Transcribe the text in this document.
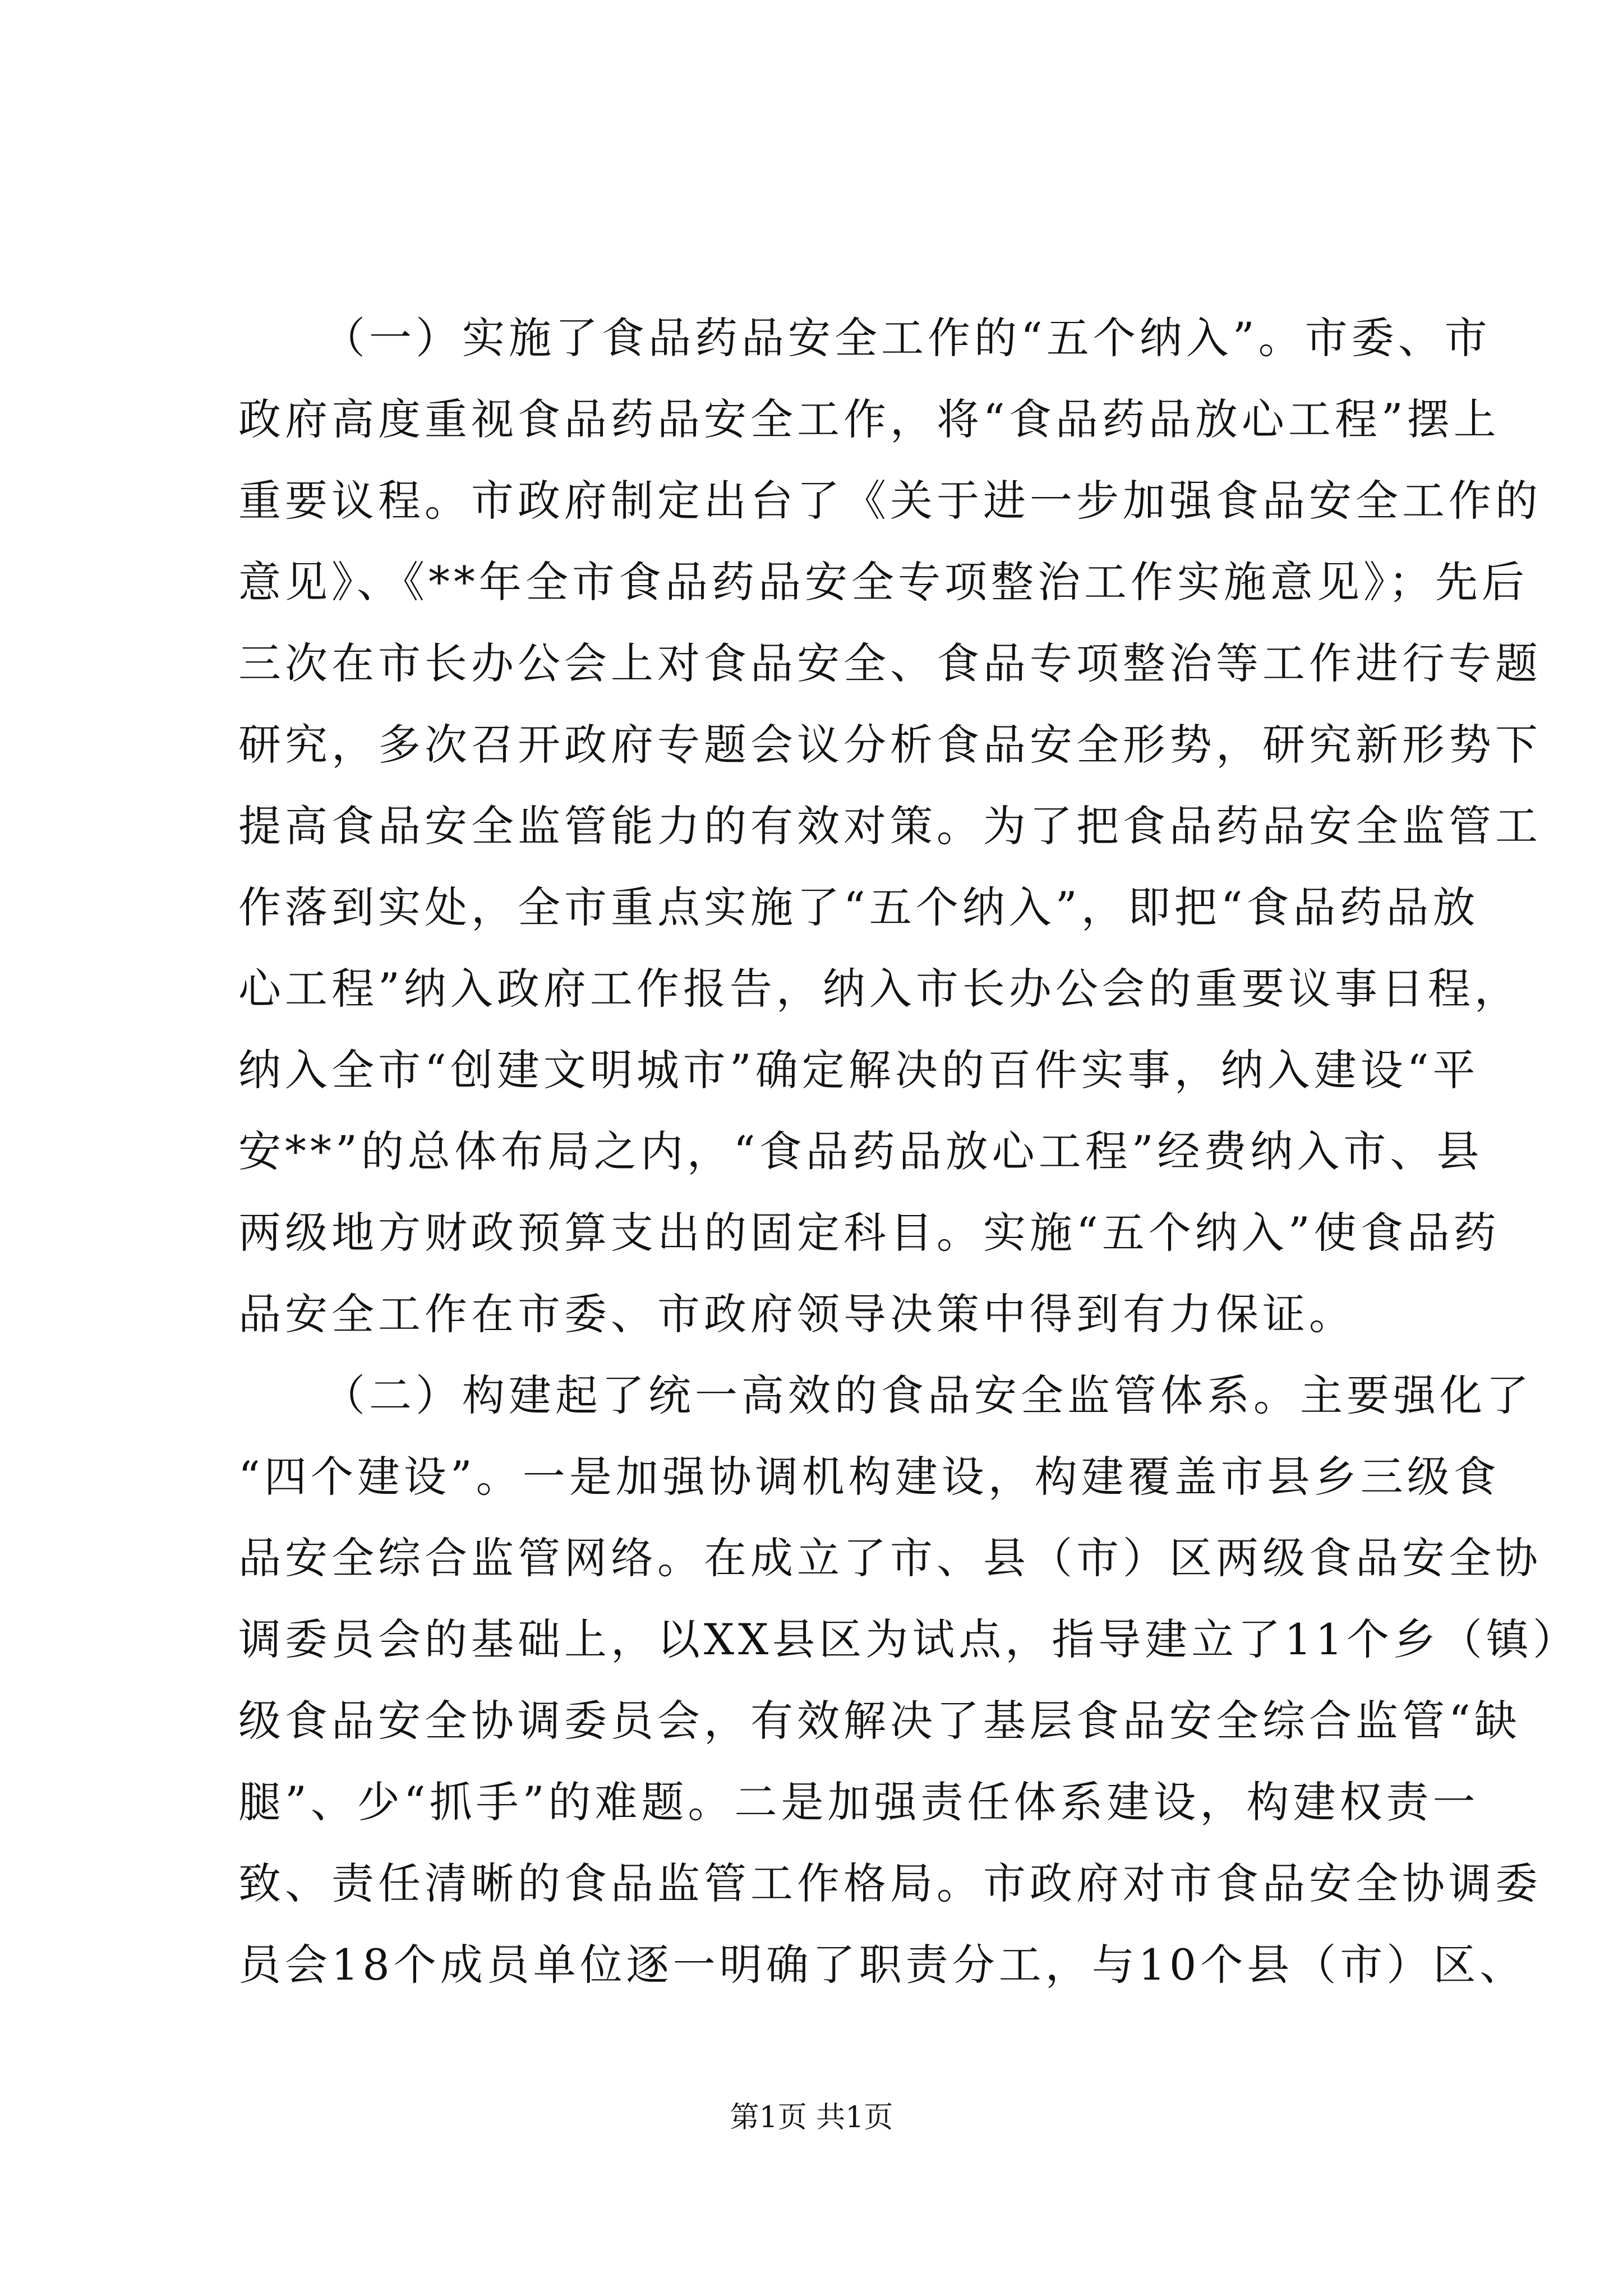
（一）实施了食品药品安全工作的“五个纳入”。市委、市
政府高度重视食品药品安全工作，将“食品药品放心工程”摆上
重要议程。市政府制定出台了《关于进一步加强食品安全工作的
意见》、《**年全市食品药品安全专项整治工作实施意见》；先后
三次在市长办公会上对食品安全、食品专项整治等工作进行专题
研究，多次召开政府专题会议分析食品安全形势，研究新形势下
提高食品安全监管能力的有效对策。为了把食品药品安全监管工
作落到实处，全市重点实施了“五个纳入”，即把“食品药品放
心工程”纳入政府工作报告，纳入市长办公会的重要议事日程，
纳入全市“创建文明城市”确定解决的百件实事，纳入建设“平
安**”的总体布局之内，“食品药品放心工程”经费纳入市、县
两级地方财政预算支出的固定科目。实施“五个纳入”使食品药
品安全工作在市委、市政府领导决策中得到有力保证。
（二）构建起了统一高效的食品安全监管体系。主要强化了
“四个建设”。一是加强协调机构建设，构建覆盖市县乡三级食
品安全综合监管网络。在成立了市、县（市）区两级食品安全协
调委员会的基础上，以XX县区为试点，指导建立了11个乡（镇）
级食品安全协调委员会，有效解决了基层食品安全综合监管“缺
腿”、少“抓手”的难题。二是加强责任体系建设，构建权责一
致、责任清晰的食品监管工作格局。市政府对市食品安全协调委
员会18个成员单位逐一明确了职责分工，与10个县（市）区、
第1页 共1页
